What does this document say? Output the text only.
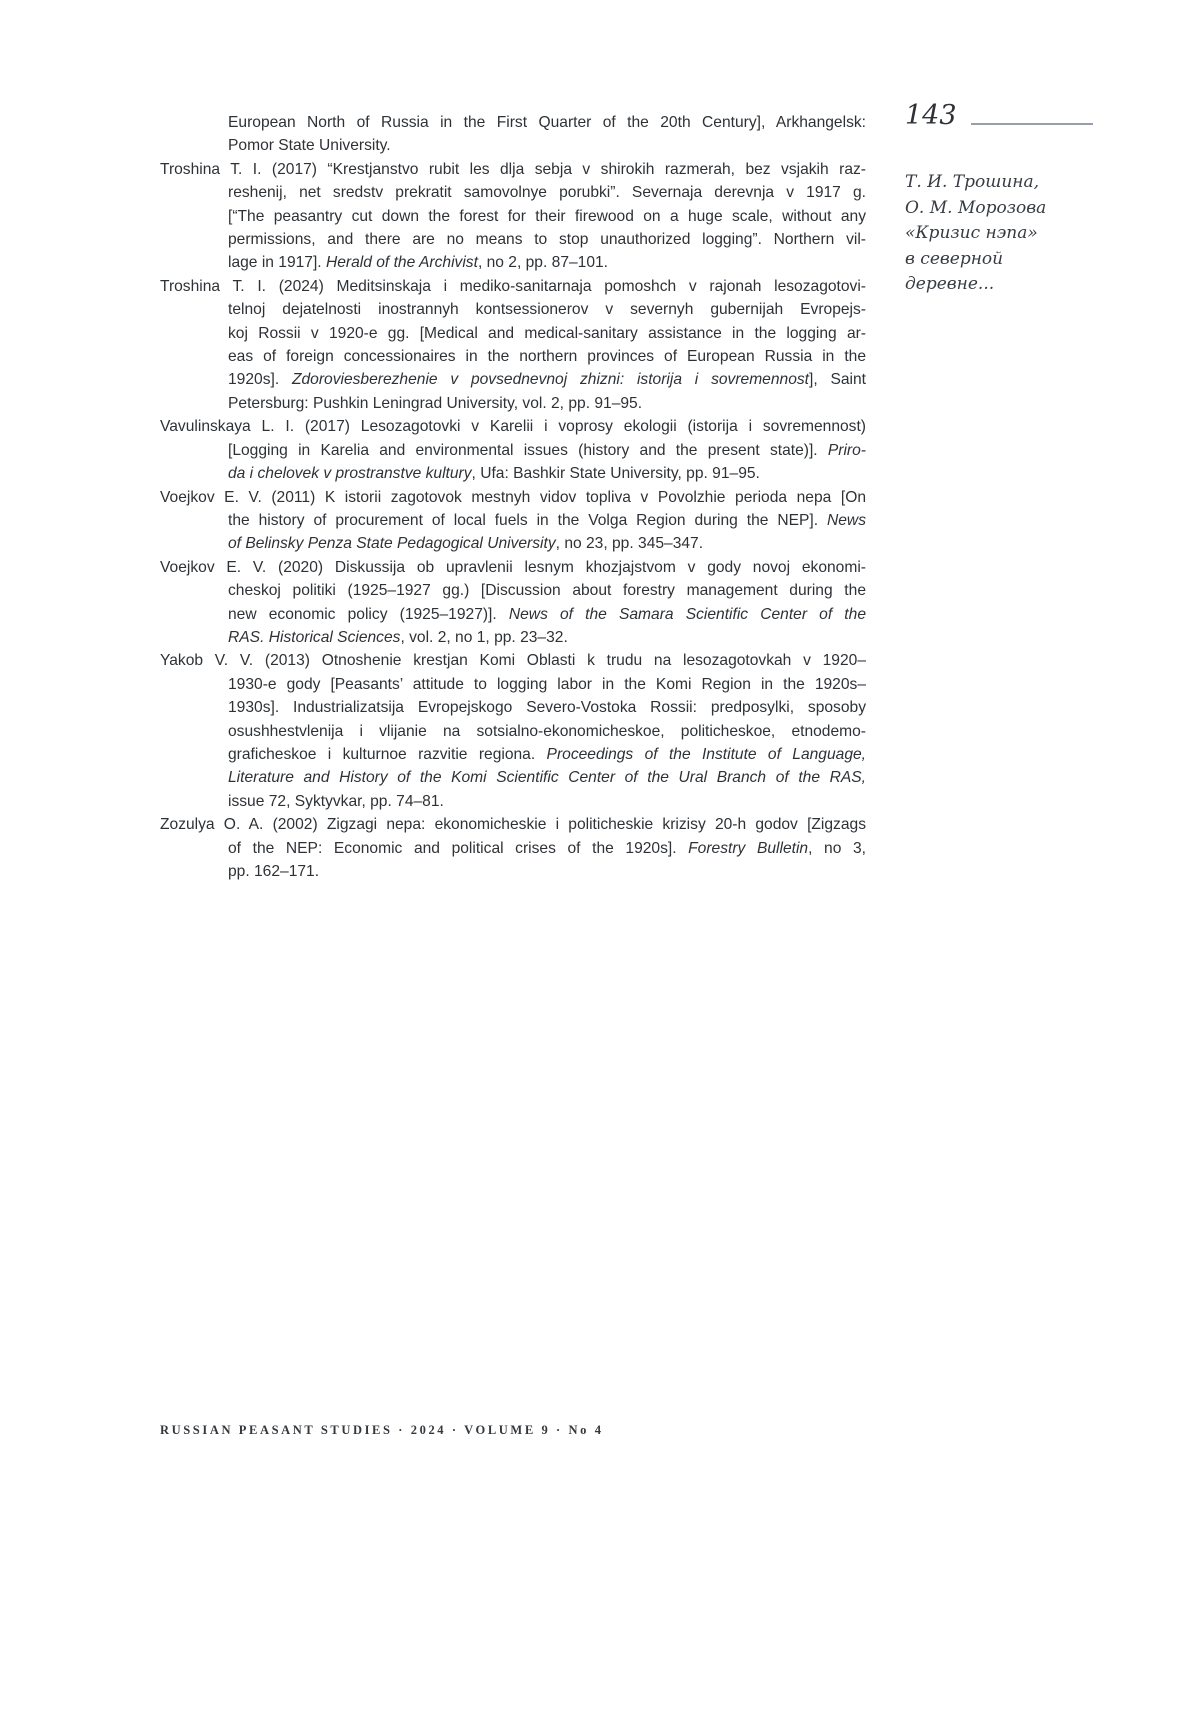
European North of Russia in the First Quarter of the 20th Century], Arkhangelsk:
Pomor State University.
Troshina T. I. (2017) “Krestjanstvo rubit les dlja sebja v shirokih razmerah, bez vsjakih raz-
reshenij, net sredstv prekratit samovolnye porubki”. Severnaja derevnja v 1917 g.
[“The peasantry cut down the forest for their firewood on a huge scale, without any
permissions, and there are no means to stop unauthorized logging”. Northern vil-
lage in 1917]. Herald of the Archivist, no 2, pp. 87–101.
Troshina T. I. (2024) Meditsinskaja i mediko-sanitarnaja pomoshch v rajonah lesozagotovi-
telnoj dejatelnosti inostrannyh kontsessionerov v severnyh gubernijah Evropejs-
koj Rossii v 1920-e gg. [Medical and medical-sanitary assistance in the logging ar-
eas of foreign concessionaires in the northern provinces of European Russia in the
1920s]. Zdoroviesberezhenie v povsednevnoj zhizni: istorija i sovremennost], Saint
Petersburg: Pushkin Leningrad University, vol. 2, pp. 91–95.
Vavulinskaya L. I. (2017) Lesozagotovki v Karelii i voprosy ekologii (istorija i sovremennost)
[Logging in Karelia and environmental issues (history and the present state)]. Priro-
da i chelovek v prostranstve kultury, Ufa: Bashkir State University, pp. 91–95.
Voejkov E. V. (2011) K istorii zagotovok mestnyh vidov topliva v Povolzhie perioda nepa [On
the history of procurement of local fuels in the Volga Region during the NEP]. News
of Belinsky Penza State Pedagogical University, no 23, pp. 345–347.
Voejkov E. V. (2020) Diskussija ob upravlenii lesnym khozjajstvom v gody novoj ekonomi-
cheskoj politiki (1925–1927 gg.) [Discussion about forestry management during the
new economic policy (1925–1927)]. News of the Samara Scientific Center of the
RAS. Historical Sciences, vol. 2, no 1, pp. 23–32.
Yakob V. V. (2013) Otnoshenie krestjan Komi Oblasti k trudu na lesozagotovkah v 1920–
1930-e gody [Peasants’ attitude to logging labor in the Komi Region in the 1920s–
1930s]. Industrializatsija Evropejskogo Severo-Vostoka Rossii: predposylki, sposoby
osushhestvlenija i vlijanie na sotsialno-ekonomicheskoe, politicheskoe, etnodemo-
graficheskoe i kulturnoe razvitie regiona. Proceedings of the Institute of Language,
Literature and History of the Komi Scientific Center of the Ural Branch of the RAS,
issue 72, Syktyvkar, pp. 74–81.
Zozulya O. A. (2002) Zigzagi nepa: ekonomicheskie i politicheskie krizisy 20-h godov [Zigzags
of the NEP: Economic and political crises of the 1920s]. Forestry Bulletin, no 3,
pp. 162–171.
143
Т. И. Трошина,
О. М. Морозова
«Кризис нэпа»
в северной
деревне...
RUSSIAN PEASANT STUDIES · 2024 · VOLUME 9 · No 4
